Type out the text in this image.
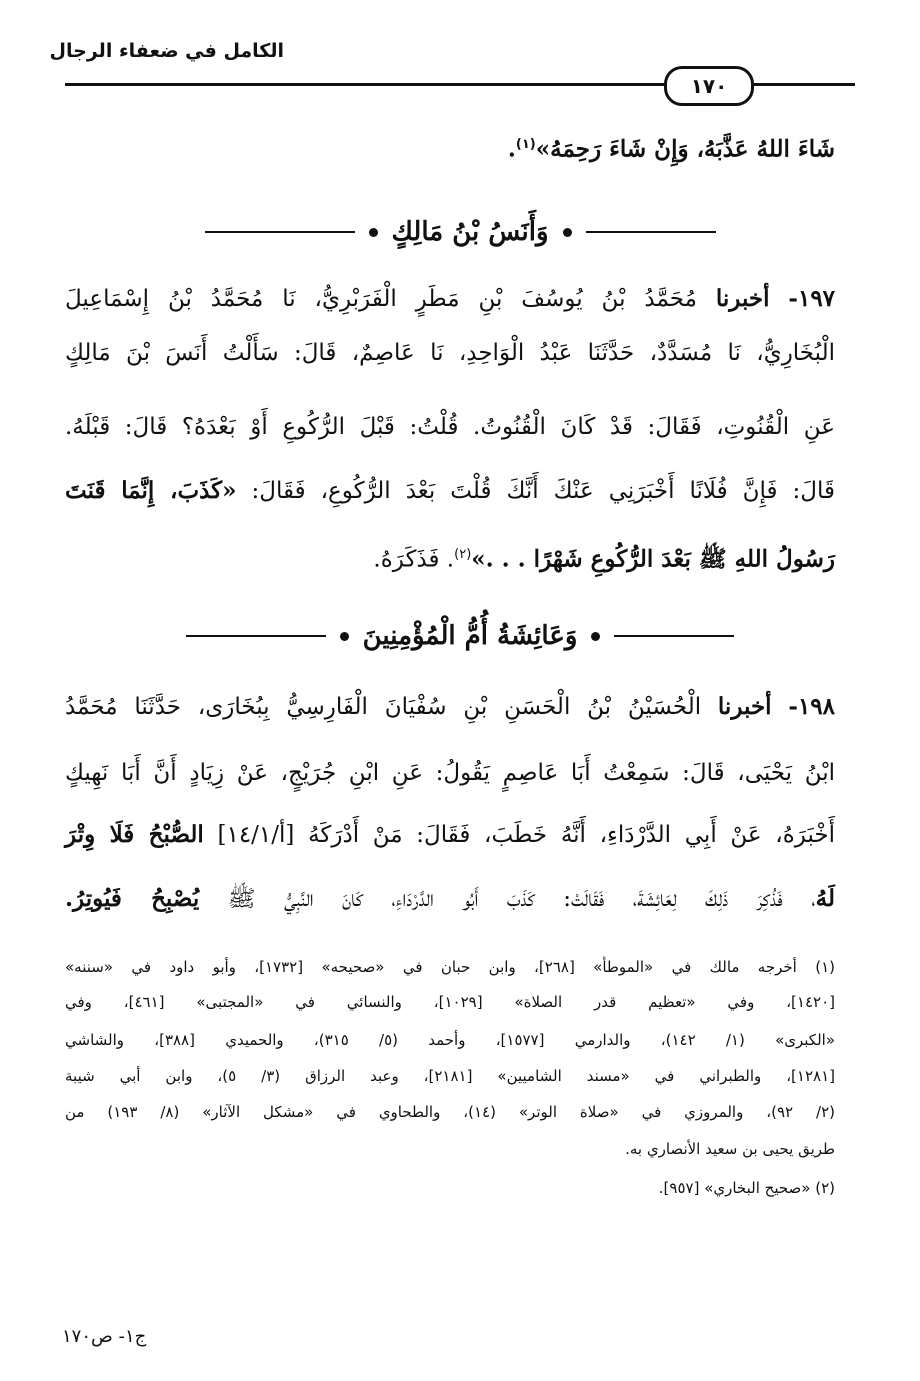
الكامل في ضعفاء الرجال
١٧٠
شَاءَ اللهُ عَذَّبَهُ، وَإِنْ شَاءَ رَحِمَهُ»$^{(١)}$.
وَأَنَسُ بْنُ مَالِكٍ
١٩٧- أخبرنا مُحَمَّدُ بْنُ يُوسُفَ بْنِ مَطَرٍ الْفَرَبْرِيُّ، نَا مُحَمَّدُ بْنُ إِسْمَاعِيلَ
الْبُخَارِيُّ، نَا مُسَدَّدٌ، حَدَّثَنَا عَبْدُ الْوَاحِدِ، نَا عَاصِمٌ، قَالَ: سَأَلْتُ أَنَسَ بْنَ مَالِكٍ
عَنِ الْقُنُوتِ، فَقَالَ: قَدْ كَانَ الْقُنُوتُ. قُلْتُ: قَبْلَ الرُّكُوعِ أَوْ بَعْدَهُ؟ قَالَ: قَبْلَهُ.
قَالَ: فَإِنَّ فُلَانًا أَخْبَرَنِي عَنْكَ أَنَّكَ قُلْتَ بَعْدَ الرُّكُوعِ، فَقَالَ: «كَذَبَ، إِنَّمَا قَنَتَ
رَسُولُ اللهِ ﷺ بَعْدَ الرُّكُوعِ شَهْرًا . . .»$^{(٢)}$. فَذَكَرَهُ.
وَعَائِشَةُ أُمُّ الْمُؤْمِنِينَ
١٩٨- أخبرنا الْحُسَيْنُ بْنُ الْحَسَنِ بْنِ سُفْيَانَ الْفَارِسِيُّ بِبُخَارَى، حَدَّثَنَا مُحَمَّدُ
ابْنُ يَحْيَى، قَالَ: سَمِعْتُ أَبَا عَاصِمٍ يَقُولُ: عَنِ ابْنِ جُرَيْجٍ، عَنْ زِيَادٍ أَنَّ أَبَا نَهِيكٍ
أَخْبَرَهُ، عَنْ أَبِي الدَّرْدَاءِ، أَنَّهُ خَطَبَ، فَقَالَ: مَنْ أَدْرَكَهُ [أ/١٤/١] الصُّبْحُ فَلَا وِتْرَ
لَهُ، فَذُكِرَ ذَلِكَ لِعَائِشَةَ، فَقَالَتْ: كَذَبَ أَبُو الدَّرْدَاءِ، كَانَ النَّبِيُّ ﷺ يُصْبِحُ فَيُوتِرُ.
(١) أخرجه مالك في «الموطأ» [٢٦٨]، وابن حبان في «صحيحه» [١٧٣٢]، وأبو داود في «سننه»
[١٤٢٠]، وفي «تعظيم قدر الصلاة» [١٠٢٩]، والنسائي في «المجتبى» [٤٦١]، وفي
«الكبرى» (١/ ١٤٢)، والدارمي [١٥٧٧]، وأحمد (٥/ ٣١٥)، والحميدي [٣٨٨]، والشاشي
[١٢٨١]، والطبراني في «مسند الشاميين» [٢١٨١]، وعبد الرزاق (٣/ ٥)، وابن أبي شيبة
(٢/ ٩٢)، والمروزي في «صلاة الوتر» (١٤)، والطحاوي في «مشكل الآثار» (٨/ ١٩٣) من
طريق يحيى بن سعيد الأنصاري به.
(٢) «صحيح البخاري» [٩٥٧].
ج١- ص١٧٠
